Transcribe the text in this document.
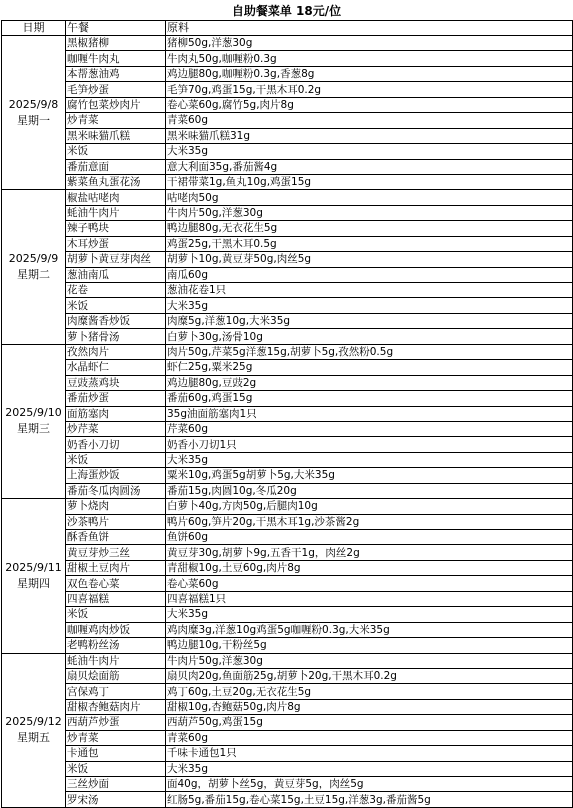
自助餐菜单 18元/位
日期	午餐	原料

2025/9/8
星期一	黑椒猪柳	猪柳50g,洋葱30g
	咖喱牛肉丸	牛肉丸50g,咖喱粉0.3g
	本帮葱油鸡	鸡边腿80g,咖喱粉0.3g,香葱8g
	毛笋炒蛋	毛笋70g,鸡蛋15g,干黑木耳0.2g
	腐竹包菜炒肉片	卷心菜60g,腐竹5g,肉片8g
	炒青菜	青菜60g
	黑米味猫爪糕	黑米味猫爪糕31g
	米饭	大米35g
	番茄意面	意大利面35g,番茄酱4g
	紫菜鱼丸蛋花汤	干裙带菜1g,鱼丸10g,鸡蛋15g

2025/9/9
星期二	椒盐咕咾肉	咕咾肉50g
	蚝油牛肉片	牛肉片50g,洋葱30g
	辣子鸭块	鸭边腿80g,无衣花生5g
	木耳炒蛋	鸡蛋25g,干黑木耳0.5g
	胡萝卜黄豆芽肉丝	胡萝卜10g,黄豆芽50g,肉丝5g
	葱油南瓜	南瓜60g
	花卷	葱油花卷1只
	米饭	大米35g
	肉糜酱香炒饭	肉糜5g,洋葱10g,大米35g
	萝卜猪骨汤	白萝卜30g,汤骨10g

2025/9/10
星期三	孜然肉片	肉片50g,芹菜5g洋葱15g,胡萝卜5g,孜然粉0.5g
	水晶虾仁	虾仁25g,粟米25g
	豆豉蒸鸡块	鸡边腿80g,豆豉2g
	番茄炒蛋	番茄60g,鸡蛋15g
	面筋塞肉	35g油面筋塞肉1只
	炒芹菜	芹菜60g
	奶香小刀切	奶香小刀切1只
	米饭	大米35g
	上海蛋炒饭	粟米10g,鸡蛋5g胡萝卜5g,大米35g
	番茄冬瓜肉圆汤	番茄15g,肉圆10g,冬瓜20g

2025/9/11
星期四	萝卜烧肉	白萝卜40g,方肉50g,后腿肉10g
	沙茶鸭片	鸭片60g,笋片20g,干黑木耳1g,沙茶酱2g
	酥香鱼饼	鱼饼60g
	黄豆芽炒三丝	黄豆芽30g,胡萝卜9g,五香干1g，肉丝2g
	甜椒土豆肉片	青甜椒10g,土豆60g,肉片8g
	双色卷心菜	卷心菜60g
	四喜福糕	四喜福糕1只
	米饭	大米35g
	咖喱鸡肉炒饭	鸡肉糜3g,洋葱10g鸡蛋5g咖喱粉0.3g,大米35g
	老鸭粉丝汤	鸭边腿10g,干粉丝5g

2025/9/12
星期五	蚝油牛肉片	牛肉片50g,洋葱30g
	扇贝烩面筋	扇贝肉20g,鱼面筋25g,胡萝卜20g,干黑木耳0.2g
	宫保鸡丁	鸡丁60g,土豆20g,无衣花生5g
	甜椒杏鲍菇肉片	甜椒10g,杏鲍菇50g,肉片8g
	西葫芦炒蛋	西葫芦50g,鸡蛋15g
	炒青菜	青菜60g
	卡通包	千味卡通包1只
	米饭	大米35g
	三丝炒面	面40g，胡萝卜丝5g，黄豆芽5g，肉丝5g
	罗宋汤	红肠5g,番茄15g,卷心菜15g,土豆15g,洋葱3g,番茄酱5g
